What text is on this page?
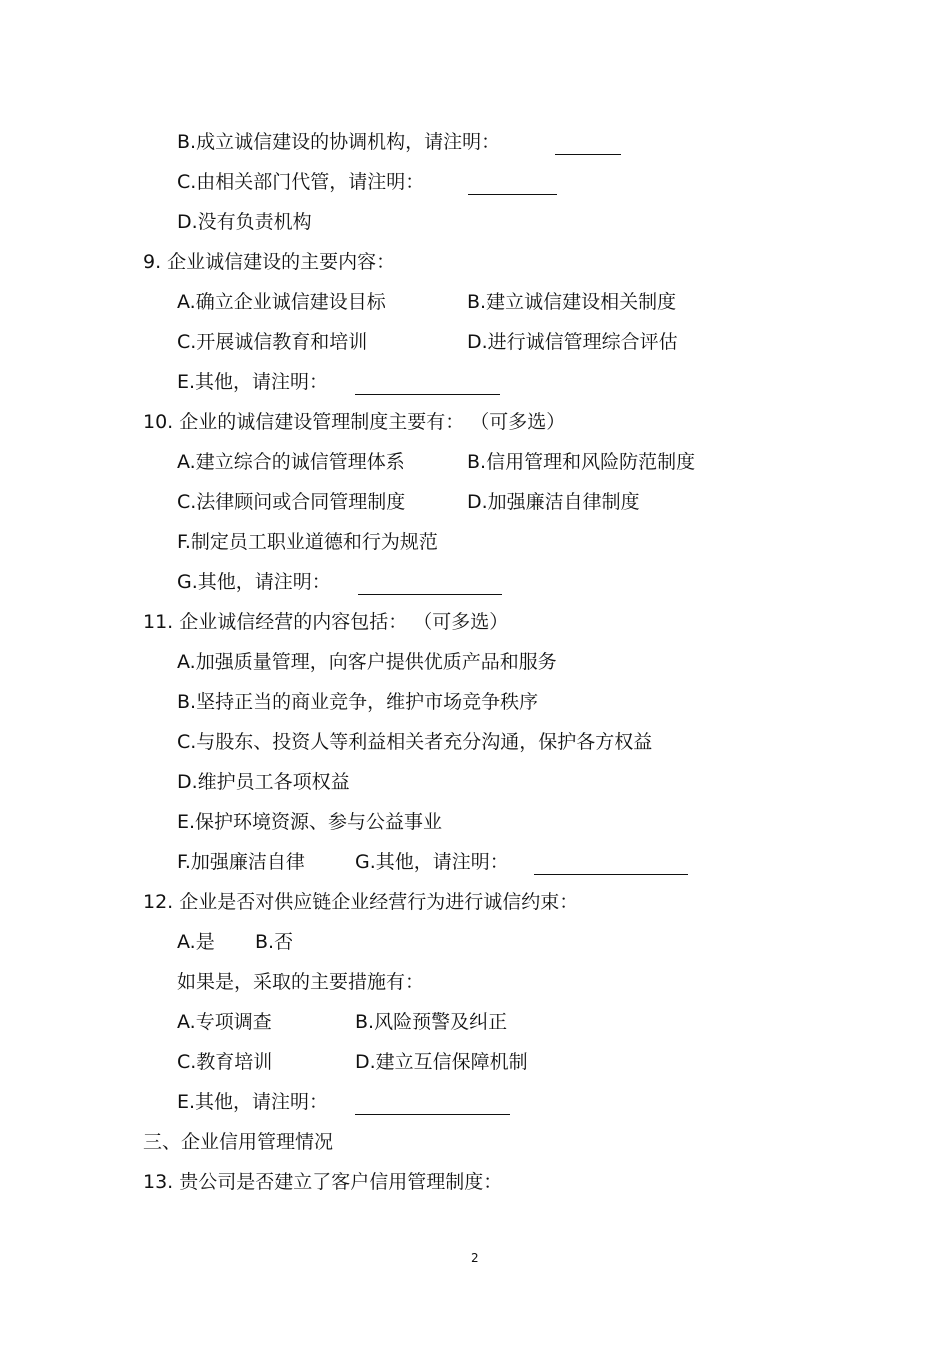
B.成立诚信建设的协调机构，请注明：
C.由相关部门代管，请注明：
D.没有负责机构
9. 企业诚信建设的主要内容：
A.确立企业诚信建设目标	B.建立诚信建设相关制度
C.开展诚信教育和培训	D.进行诚信管理综合评估
E.其他，请注明：
10. 企业的诚信建设管理制度主要有： （可多选）
A.建立综合的诚信管理体系	B.信用管理和风险防范制度
C.法律顾问或合同管理制度	D.加强廉洁自律制度
F.制定员工职业道德和行为规范
G.其他，请注明：
11. 企业诚信经营的内容包括： （可多选）
A.加强质量管理，向客户提供优质产品和服务
B.坚持正当的商业竞争，维护市场竞争秩序
C.与股东、投资人等利益相关者充分沟通，保护各方权益
D.维护员工各项权益
E.保护环境资源、参与公益事业
F.加强廉洁自律	G.其他，请注明：
12. 企业是否对供应链企业经营行为进行诚信约束：
A.是 B.否
如果是，采取的主要措施有：
A.专项调查	B.风险预警及纠正
C.教育培训	D.建立互信保障机制
E.其他，请注明：
三、企业信用管理情况
13. 贵公司是否建立了客户信用管理制度：
2
